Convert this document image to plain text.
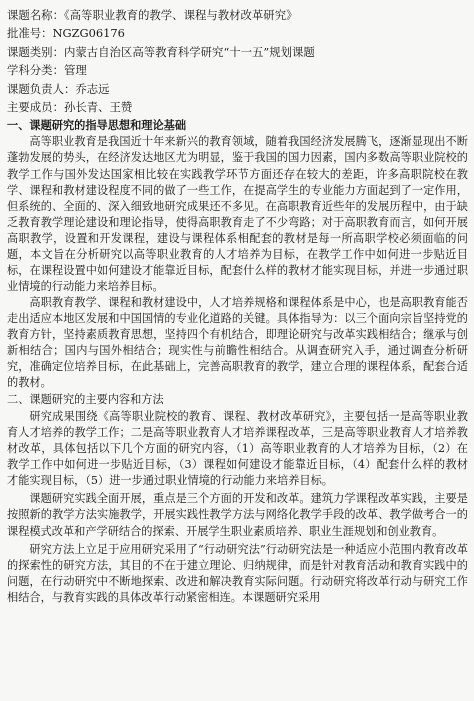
课题名称：《高等职业教育的教学、课程与教材改革研究》
批准号：NGZG06176
课题类别：内蒙古自治区高等教育科学研究“十一五”规划课题
学科分类：管理
课题负责人：乔志远
主要成员：孙长青、王赞
一、课题研究的指导思想和理论基础

高等职业教育是我国近十年来新兴的教育领域，随着我国经济发展腾飞，逐渐显现出不断蓬勃发展的势头，在经济发达地区尤为明显，鉴于我国的国力因素，国内多数高等职业院校的教学工作与国外发达国家相比较在实践教学环节方面还存在较大的差距，许多高职院校在教学、课程和教材建设程度不同的做了一些工作，在提高学生的专业能力方面起到了一定作用，但系统的、全面的、深入细致地研究成果还不多见。在高职教育近些年的发展历程中，由于缺乏教育教学理论建设和理论指导，使得高职教育走了不少弯路；对于高职教育而言，如何开展高职教学，设置和开发课程，建设与课程体系相配套的教材是每一所高职学校必须面临的问题，本文旨在分析研究以高等职业教育的人才培养为目标，在教学工作中如何进一步贴近目标，在课程设置中如何建设才能靠近目标，配套什么样的教材才能实现目标，并进一步通过职业情境的行动能力来培养目标。

高职教育教学、课程和教材建设中，人才培养规格和课程体系是中心，也是高职教育能否走出适应本地区发展和中国国情的专业化道路的关键。具体指导为：以三个面向宗旨坚持党的教育方针，坚持素质教育思想，坚持四个有机结合，即理论研究与改革实践相结合；继承与创新相结合；国内与国外相结合；现实性与前瞻性相结合。从调查研究入手，通过调查分析研究，准确定位培养目标，在此基础上，完善高职教育的教学，建立合理的课程体系，配套合适的教材。

二、课题研究的主要内容和方法

研究成果围绕《高等职业院校的教育、课程、教材改革研究》，主要包括一是高等职业教育人才培养的教学工作；二是高等职业教育人才培养课程改革，三是高等职业教育人才培养教材改革，具体包括以下几个方面的研究内容，（1）高等职业教育的人才培养为目标，（2）在教学工作中如何进一步贴近目标，（3）课程如何建设才能靠近目标，（4）配套什么样的教材才能实现目标，（5）进一步通过职业情境的行动能力来培养目标。

课题研究实践全面开展，重点是三个方面的开发和改革。建筑力学课程改革实践，主要是按照新的教学方法实施教学，开展实践性教学方法与网络化教学手段的改革、教学做考合一的课程模式改革和产学研结合的探索、开展学生职业素质培养、职业生涯规划和创业教育。

研究方法上立足于应用研究采用了“行动研究法”行动研究法是一种适应小范围内教育改革的探索性的研究方法，其目的不在于建立理论、归纳规律，而是针对教育活动和教育实践中的问题，在行动研究中不断地探索、改进和解决教育实际问题。行动研究将改革行动与研究工作相结合，与教育实践的具体改革行动紧密相连。本课题研究采用
